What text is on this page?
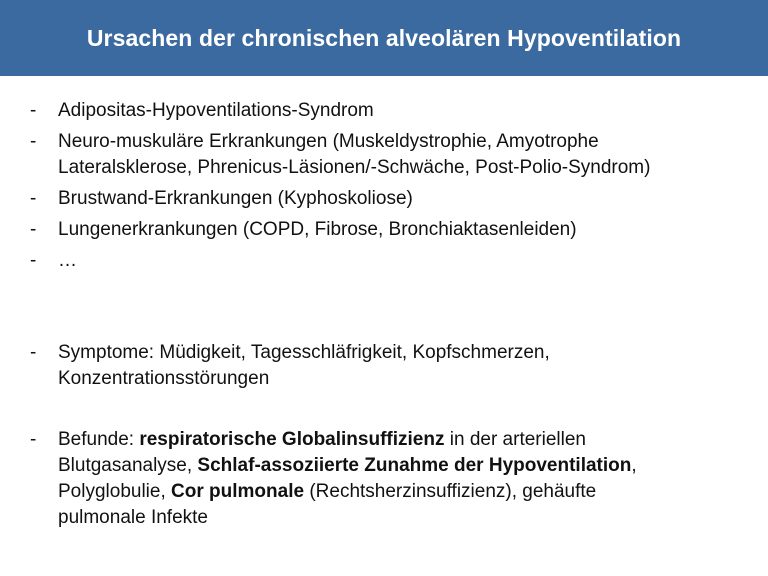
Ursachen der chronischen alveolären Hypoventilation
- Adipositas-Hypoventilations-Syndrom
- Neuro-muskuläre Erkrankungen (Muskeldystrophie, Amyotrophe
Lateralsklerose, Phrenicus-Läsionen/-Schwäche, Post-Polio-Syndrom)
- Brustwand-Erkrankungen (Kyphoskoliose)
- Lungenerkrankungen (COPD, Fibrose, Bronchiaktasenleiden)
- …
- Symptome: Müdigkeit, Tagesschläfrigkeit, Kopfschmerzen,
Konzentrationsstörungen
- Befunde: respiratorische Globalinsuffizienz in der arteriellen
Blutgasanalyse, Schlaf-assoziierte Zunahme der Hypoventilation,
Polyglobulie, Cor pulmonale (Rechtsherzinsuffizienz), gehäufte
pulmonale Infekte
